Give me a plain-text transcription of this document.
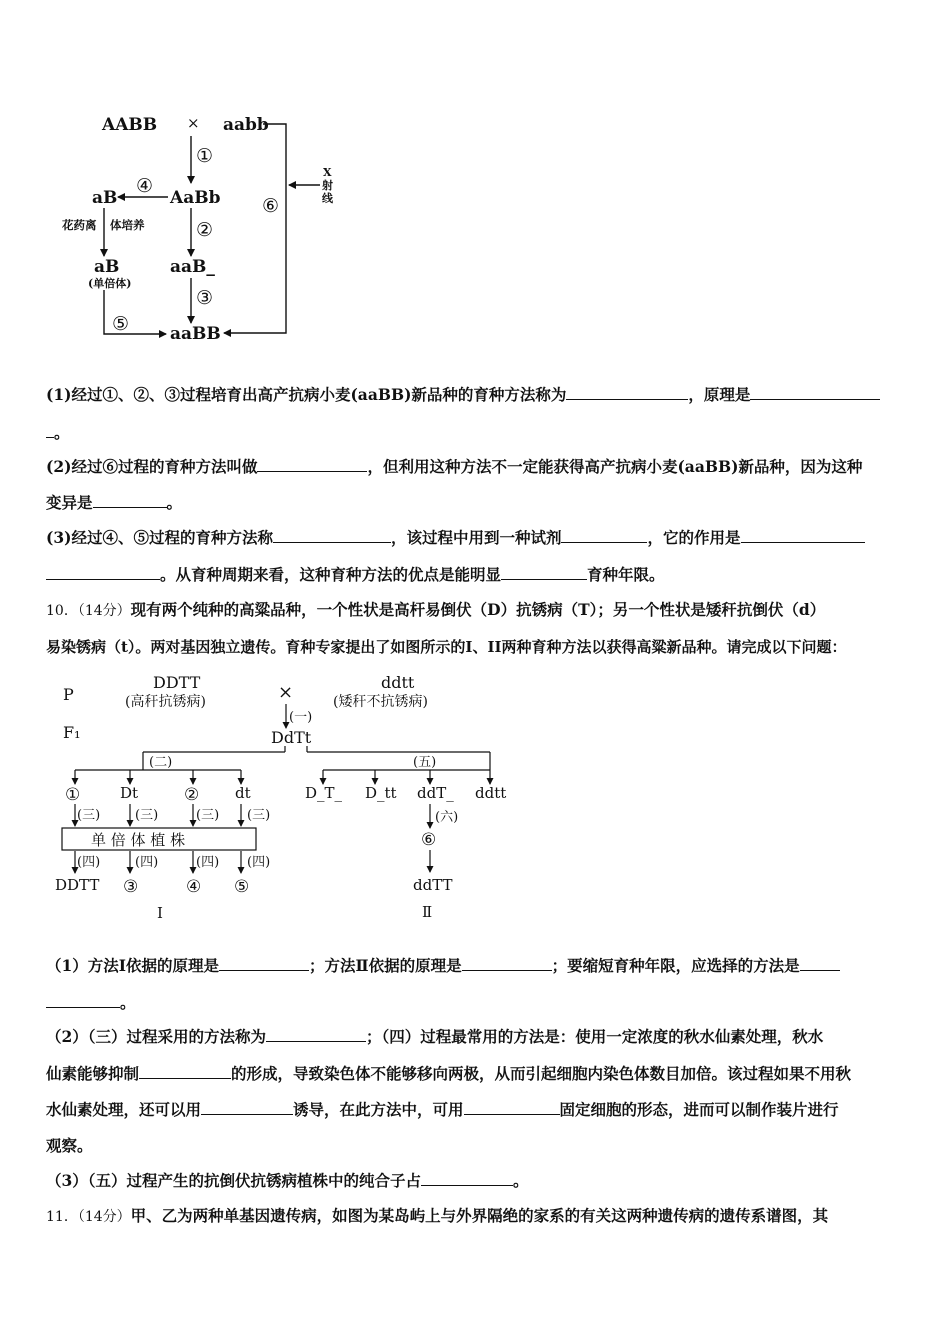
AABB × aabb
①
AaBb
④
aB
花药离 体培养
aB
(单倍体)
②
aaB_
③
⑤ aaBB
⑥
X
射
线
(1)经过①、②、③过程培育出高产抗病小麦(aaBB)新品种的育种方法称为	，原理是
。
(2)经过⑥过程的育种方法叫做	，但利用这种方法不一定能获得高产抗病小麦(aaBB)新品种，因为这种
变异是	。
(3)经过④、⑤过程的育种方法称	，该过程中用到一种试剂	，它的作用是
。从育种周期来看，这种育种方法的优点是能明显	育种年限。
10．（14分）现有两个纯种的高粱品种，一个性状是高杆易倒伏（D）抗锈病（T）；另一个性状是矮秆抗倒伏（d）
易染锈病（t）。两对基因独立遗传。育种专家提出了如图所示的I、II两种育种方法以获得高粱新品种。请完成以下问题：
P
F₁
DDTT
(高秆抗锈病)	×	ddtt
(矮秆不抗锈病)
(一)
DdTt
(二)	(五)
①	Dt	② dt
(三)	(三)	(三) (三)
单 倍 体 植 株
(四)	(四)	(四) (四)
DDTT ③	④ ⑤
I
D_T_ D_tt ddT_ ddtt
(六)
⑥
ddTT
Ⅱ
（1）方法Ⅰ依据的原理是	；方法Ⅱ依据的原理是	；要缩短育种年限，应选择的方法是
。
（2）（三）过程采用的方法称为	；（四）过程最常用的方法是：使用一定浓度的秋水仙素处理，秋水
仙素能够抑制	的形成，导致染色体不能够移向两极，从而引起细胞内染色体数目加倍。该过程如果不用秋
水仙素处理，还可以用	诱导，在此方法中，可用	固定细胞的形态，进而可以制作装片进行
观察。
（3）（五）过程产生的抗倒伏抗锈病植株中的纯合子占	。
11．（14分）甲、乙为两种单基因遗传病，如图为某岛屿上与外界隔绝的家系的有关这两种遗传病的遗传系谱图，其
